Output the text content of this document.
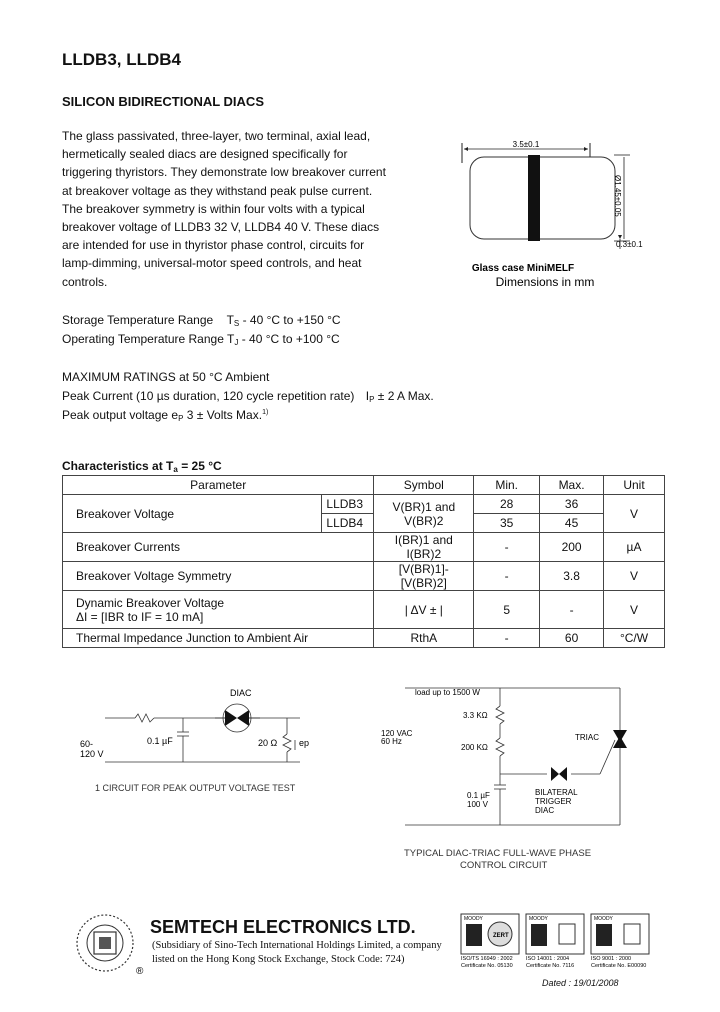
LLDB3, LLDB4
SILICON BIDIRECTIONAL DIACS
The glass passivated, three-layer, two terminal, axial lead,
hermetically sealed diacs are designed specifically for
triggering thyristors. They demonstrate low breakover current
at breakover voltage as they withstand peak pulse current.
The breakover symmetry is within four volts with a typical
breakover voltage of LLDB3 32 V, LLDB4 40 V. These diacs
are intended for use in thyristor phase control, circuits for
lamp-dimming, universal-motor speed controls, and heat
controls.
3.5±0.1
Ø1.45±0.05
0.3±0.1
Glass case MiniMELF
Dimensions in mm
Storage Temperature Range TS - 40 °C to +150 °C
Operating Temperature Range TJ - 40 °C to +100 °C
MAXIMUM RATINGS at 50 °C Ambient
Peak Current (10 µs duration, 120 cycle repetition rate) IP ± 2 A Max.
Peak output voltage eP 3 ± Volts Max.$^{1)}$
Characteristics at Ta = 25 °C
Parameter		Symbol	Min.	Max.	Unit
Breakover Voltage	LLDB3	V(BR)1 and V(BR)2	28	36	V
	LLDB4		35	45	
Breakover Currents		I(BR)1 and I(BR)2	-	200	µA
Breakover Voltage Symmetry		[V(BR)1]-[V(BR)2]	-	3.8	V

Dynamic Breakover Voltage
ΔI = [IBR to IF = 10 mA]		| ΔV ± |	5	-	V
Thermal Impedance Junction to Ambient Air		RthA	-	60	°C/W
DIAC
60-
120 V
0.1 µF	20 Ω ep
1 CIRCUIT FOR PEAK OUTPUT VOLTAGE TEST
load up to 1500 W
120 VAC
60 Hz
3.3 KΩ
200 KΩ
0.1 µF
100 V
TRIAC
BILATERAL
TRIGGER
DIAC
TYPICAL DIAC-TRIAC FULL-WAVE PHASE
CONTROL CIRCUIT
®
SEMTECH ELECTRONICS LTD.
(Subsidiary of Sino-Tech International Holdings Limited, a company
listed on the Hong Kong Stock Exchange, Stock Code: 724)
MOODY
ZERT
ISO/TS 16949 : 2002
Certificate No. 05130
MOODY
ISO 14001 : 2004
Certificate No. 7116
MOODY
ISO 9001 : 2000
Certificate No. E00090
Dated : 19/01/2008
